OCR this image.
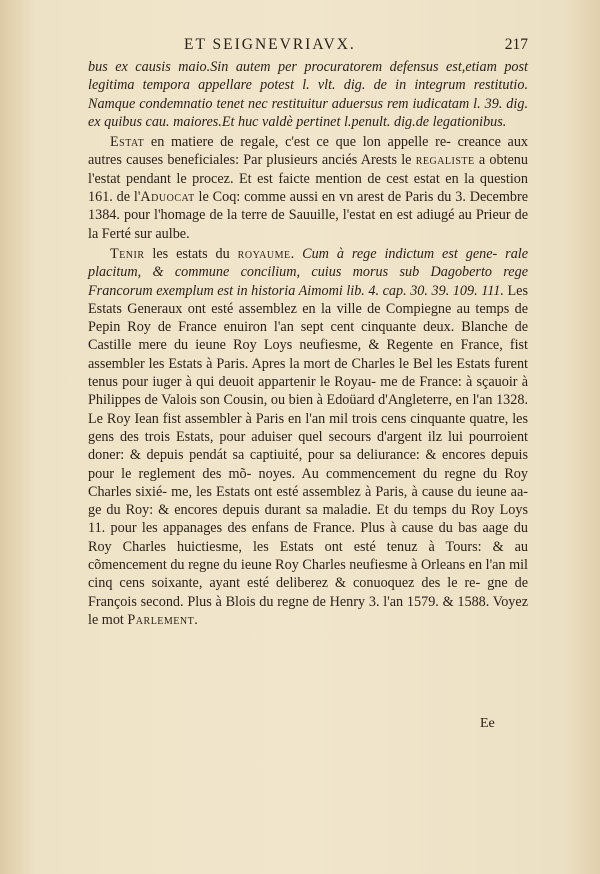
ET SEIGNEVRIAVX.	217

bus ex causis maio.Sin autem per procuratorem defensus est,etiam post legitima tempora appellare potest l. vlt. dig. de in integrum restitutio. Namque condemnatio tenet nec restituitur aduersus rem iudicatam l. 39. dig. ex quibus cau. maiores.Et huc valdè pertinet l.penult. dig.de legationibus.

Estat en matiere de regale, c'est ce que lon appelle re- creance aux autres causes beneficiales: Par plusieurs anciés Arests le regaliste a obtenu l'estat pendant le procez. Et est faicte mention de cest estat en la question 161. de l'Aduocat le Coq: comme aussi en vn arest de Paris du 3. Decembre 1384. pour l'homage de la terre de Sauuille, l'estat en est adiugé au Prieur de la Ferté sur aulbe.

Tenir les estats du royaume. Cum à rege indictum est gene- rale placitum, & commune concilium, cuius morus sub Dagoberto rege Francorum exemplum est in historia Aimomi lib. 4. cap. 30. 39. 109. 111. Les Estats Generaux ont esté assemblez en la ville de Compiegne au temps de Pepin Roy de France enuiron l'an sept cent cinquante deux. Blanche de Castille mere du ieune Roy Loys neufiesme, & Regente en France, fist assembler les Estats à Paris. Apres la mort de Charles le Bel les Estats furent tenus pour iuger à qui deuoit appartenir le Royau- me de France: à sçauoir à Philippes de Valois son Cousin, ou bien à Edoüard d'Angleterre, en l'an 1328. Le Roy Iean fist assembler à Paris en l'an mil trois cens cinquante quatre, les gens des trois Estats, pour aduiser quel secours d'argent ilz lui pourroient doner: & depuis pendát sa captiuité, pour sa deliurance: & encores depuis pour le reglement des mõ- noyes. Au commencement du regne du Roy Charles sixié- me, les Estats ont esté assemblez à Paris, à cause du ieune aa- ge du Roy: & encores depuis durant sa maladie. Et du temps du Roy Loys 11. pour les appanages des enfans de France. Plus à cause du bas aage du Roy Charles huictiesme, les Estats ont esté tenuz à Tours: & au cõmencement du regne du ieune Roy Charles neufiesme à Orleans en l'an mil cinq cens soixante, ayant esté deliberez & conuoquez des le re- gne de François second. Plus à Blois du regne de Henry 3. l'an 1579. & 1588. Voyez le mot Parlement.

Ee
